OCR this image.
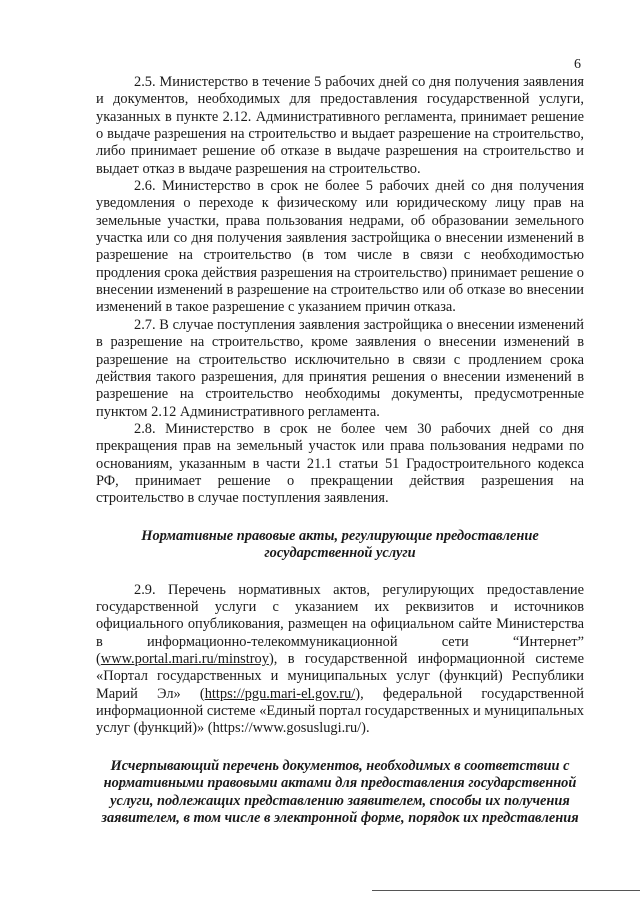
6

2.5. Министерство в течение 5 рабочих дней со дня получения заявления и документов, необходимых для предоставления государственной услуги, указанных в пункте 2.12. Административного регламента, принимает решение о выдаче разрешения на строительство и выдает разрешение на строительство, либо принимает решение об отказе в выдаче разрешения на строительство и выдает отказ в выдаче разрешения на строительство.

2.6. Министерство в срок не более 5 рабочих дней со дня получения уведомления о переходе к физическому или юридическому лицу прав на земельные участки, права пользования недрами, об образовании земельного участка или со дня получения заявления застройщика о внесении изменений в разрешение на строительство (в том числе в связи с необходимостью продления срока действия разрешения на строительство) принимает решение о внесении изменений в разрешение на строительство или об отказе во внесении изменений в такое разрешение с указанием причин отказа.

2.7. В случае поступления заявления застройщика о внесении изменений в разрешение на строительство, кроме заявления о внесении изменений в разрешение на строительство исключительно в связи с продлением срока действия такого разрешения, для принятия решения о внесении изменений в разрешение на строительство необходимы документы, предусмотренные пунктом 2.12 Административного регламента.

2.8. Министерство в срок не более чем 30 рабочих дней со дня прекращения прав на земельный участок или права пользования недрами по основаниям, указанным в части 21.1 статьи 51 Градостроительного кодекса РФ, принимает решение о прекращении действия разрешения на строительство в случае поступления заявления.

Нормативные правовые акты, регулирующие предоставление государственной услуги

2.9. Перечень нормативных актов, регулирующих предоставление государственной услуги с указанием их реквизитов и источников официального опубликования, размещен на официальном сайте Министерства в информационно-телекоммуникационной сети “Интернет” (www.portal.mari.ru/minstroy), в государственной информационной системе «Портал государственных и муниципальных услуг (функций) Республики Марий Эл» (https://pgu.mari-el.gov.ru/), федеральной государственной информационной системе «Единый портал государственных и муниципальных услуг (функций)» (https://www.gosuslugi.ru/).

Исчерпывающий перечень документов, необходимых в соответствии с нормативными правовыми актами для предоставления государственной услуги, подлежащих представлению заявителем, способы их получения заявителем, в том числе в электронной форме, порядок их представления
